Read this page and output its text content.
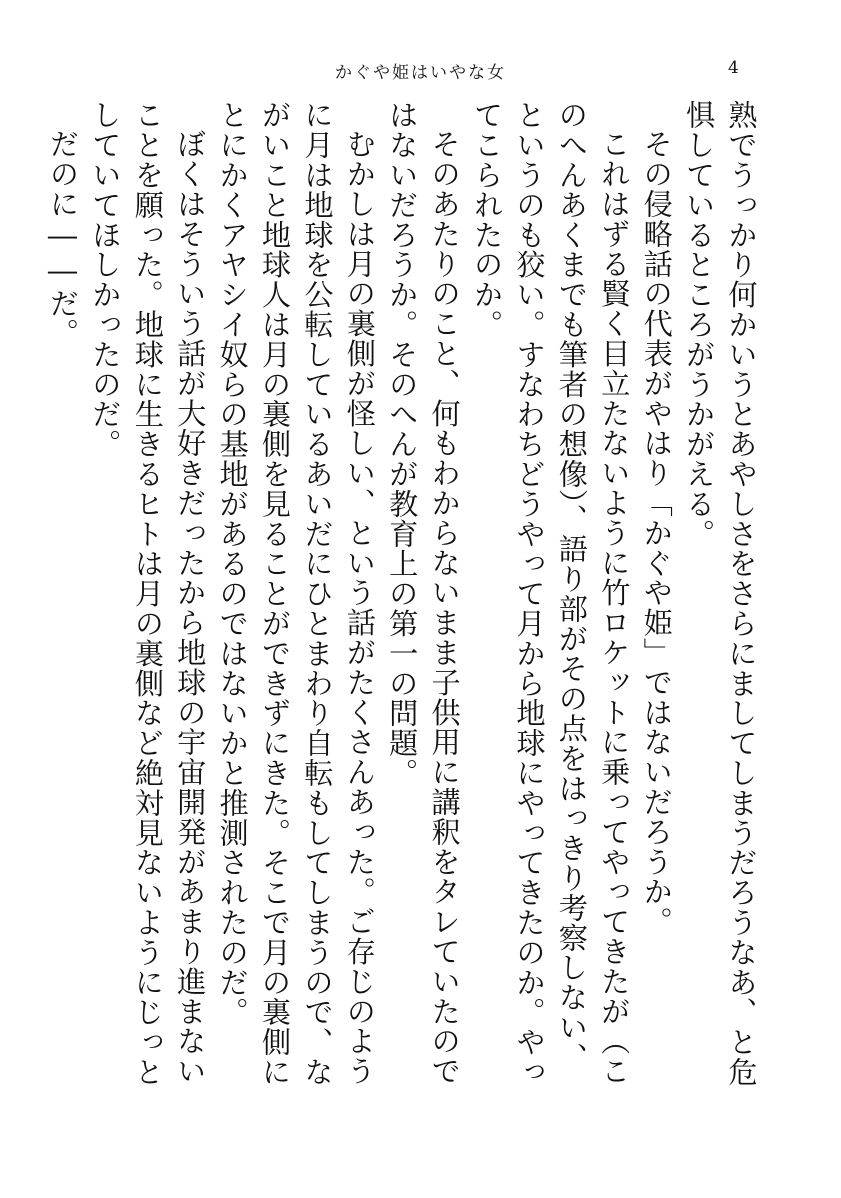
かぐや姫はいやな女	4

熟でうっかり何かいうとあやしさをさらにましてしまうだろうなあ、と危惧しているところがうかがえる。

その侵略話の代表がやはり「かぐや姫」ではないだろうか。

これはずる賢く目立たないように竹ロケットに乗ってやってきたが（このへんあくまでも筆者の想像）、語り部がその点をはっきり考察しない、というのも狡い。すなわちどうやって月から地球にやってきたのか。やってこられたのか。

そのあたりのこと、何もわからないまま子供用に講釈をタレていたのではないだろうか。そのへんが教育上の第一の問題。

むかしは月の裏側が怪しい、という話がたくさんあった。ご存じのように月は地球を公転しているあいだにひとまわり自転もしてしまうので、ながいこと地球人は月の裏側を見ることができずにきた。そこで月の裏側にとにかくアヤシイ奴らの基地があるのではないかと推測されたのだ。

ぼくはそういう話が大好きだったから地球の宇宙開発があまり進まないことを願った。地球に生きるヒトは月の裏側など絶対見ないようにじっとしていてほしかったのだ。

だのに――だ。
